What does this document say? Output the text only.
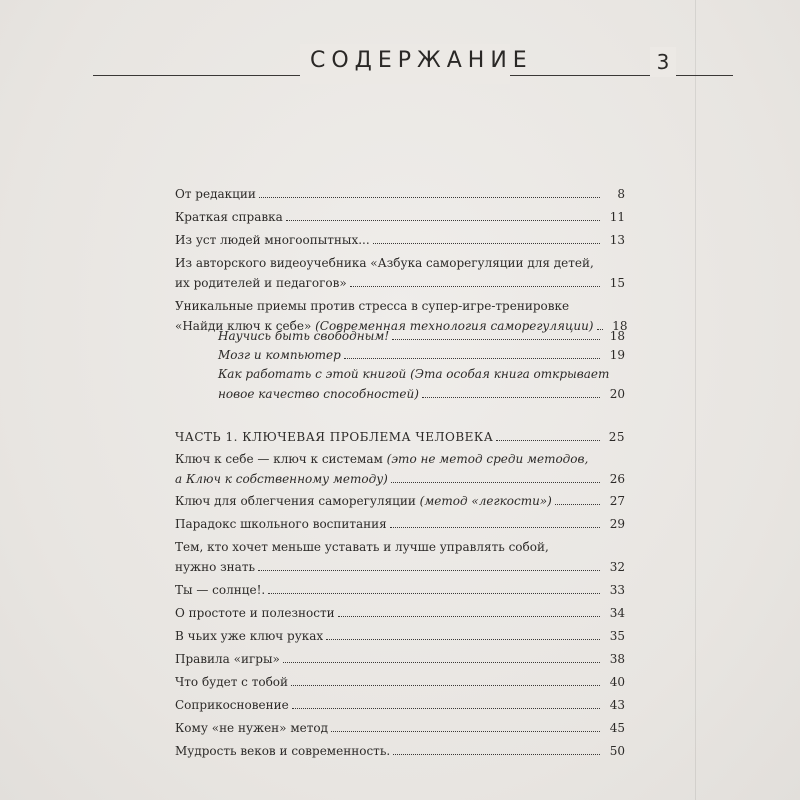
СОДЕРЖАНИЕ	3
От редакции	8
Краткая справка	11
Из уст людей многоопытных...	13
Из авторского видеоучебника «Азбука саморегуляции для детей,
их родителей и педагогов»	15
Уникальные приемы против стресса в супер-игре-тренировке
«Найди ключ к себе» (Современная технология саморегуляции)	18
Научись быть свободным!	18
Мозг и компьютер	19
Как работать с этой книгой (Эта особая книга открывает
новое качество способностей)	20
ЧАСТЬ 1. КЛЮЧЕВАЯ ПРОБЛЕМА ЧЕЛОВЕКА	25
Ключ к себе — ключ к системам (это не метод среди методов,
а Ключ к собственному методу)	26
Ключ для облегчения саморегуляции (метод «легкости»)	27
Парадокс школьного воспитания	29
Тем, кто хочет меньше уставать и лучше управлять собой,
нужно знать	32
Ты — солнце!.	33
О простоте и полезности	34
В чьих уже ключ руках	35
Правила «игры»	38
Что будет с тобой	40
Соприкосновение	43
Кому «не нужен» метод	45
Мудрость веков и современность.	50
